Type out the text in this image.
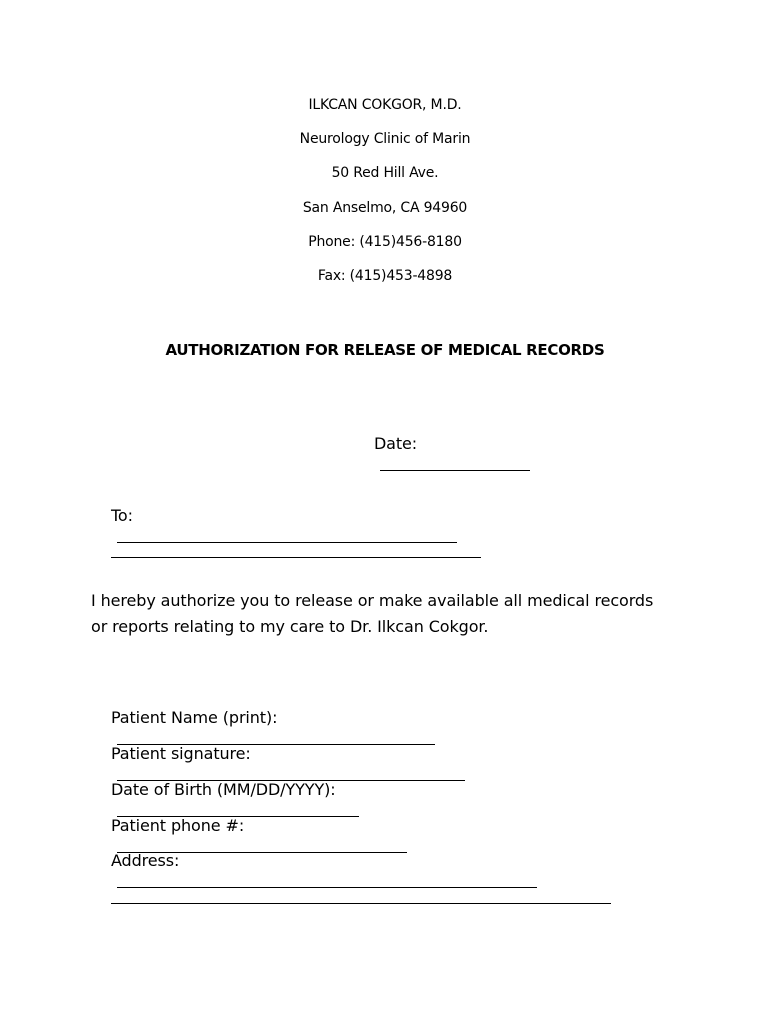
ILKCAN COKGOR, M.D.
Neurology Clinic of Marin
50 Red Hill Ave.
San Anselmo, CA 94960
Phone: (415)456-8180
Fax: (415)453-4898
AUTHORIZATION FOR RELEASE OF MEDICAL RECORDS

Date:

To:

I hereby authorize you to release or make available all medical records
or reports relating to my care to Dr. Ilkcan Cokgor.

Patient Name (print):

Patient signature:

Date of Birth (MM/DD/YYYY):

Patient phone #:

Address:
